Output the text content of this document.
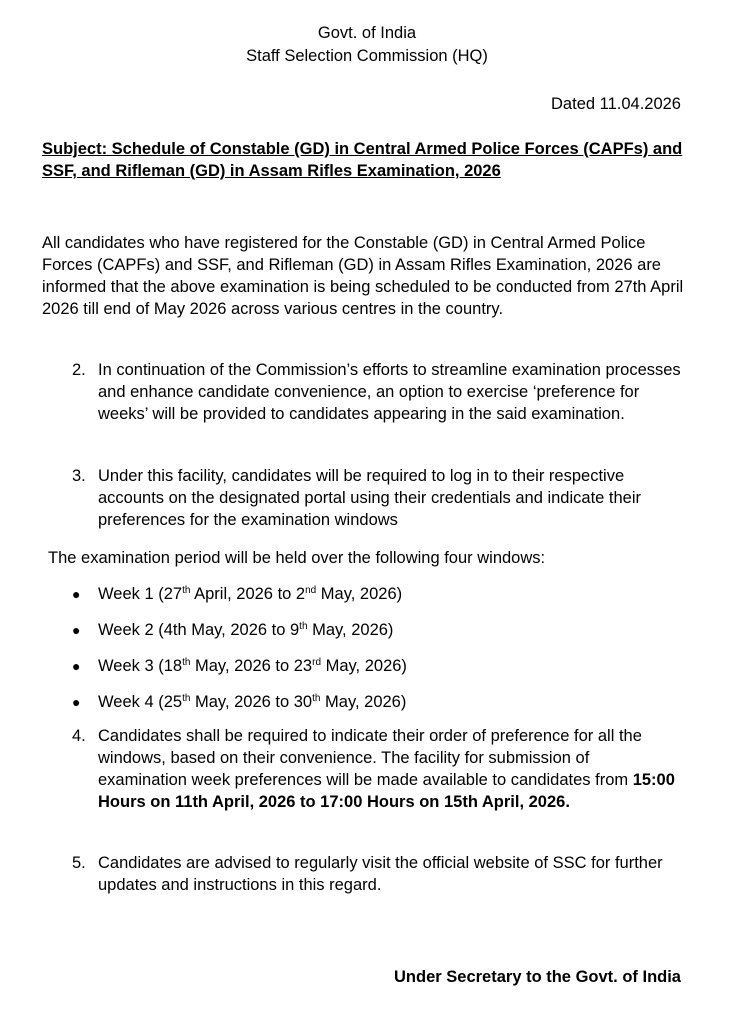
Govt. of India
Staff Selection Commission (HQ)
Dated 11.04.2026
Subject: Schedule of Constable (GD) in Central Armed Police Forces (CAPFs) and SSF, and Rifleman (GD) in Assam Rifles Examination, 2026
All candidates who have registered for the Constable (GD) in Central Armed Police Forces (CAPFs) and SSF, and Rifleman (GD) in Assam Rifles Examination, 2026 are informed that the above examination is being scheduled to be conducted from 27th April 2026 till end of May 2026 across various centres in the country.
2. In continuation of the Commission’s efforts to streamline examination processes and enhance candidate convenience, an option to exercise ‘preference for weeks’ will be provided to candidates appearing in the said examination.
3. Under this facility, candidates will be required to log in to their respective accounts on the designated portal using their credentials and indicate their preferences for the examination windows
The examination period will be held over the following four windows:
● Week 1 (27th April, 2026 to 2nd May, 2026)
● Week 2 (4th May, 2026 to 9th May, 2026)
● Week 3 (18th May, 2026 to 23rd May, 2026)
● Week 4 (25th May, 2026 to 30th May, 2026)
4. Candidates shall be required to indicate their order of preference for all the windows, based on their convenience. The facility for submission of examination week preferences will be made available to candidates from 15:00 Hours on 11th April, 2026 to 17:00 Hours on 15th April, 2026.
5. Candidates are advised to regularly visit the official website of SSC for further updates and instructions in this regard.
Under Secretary to the Govt. of India
